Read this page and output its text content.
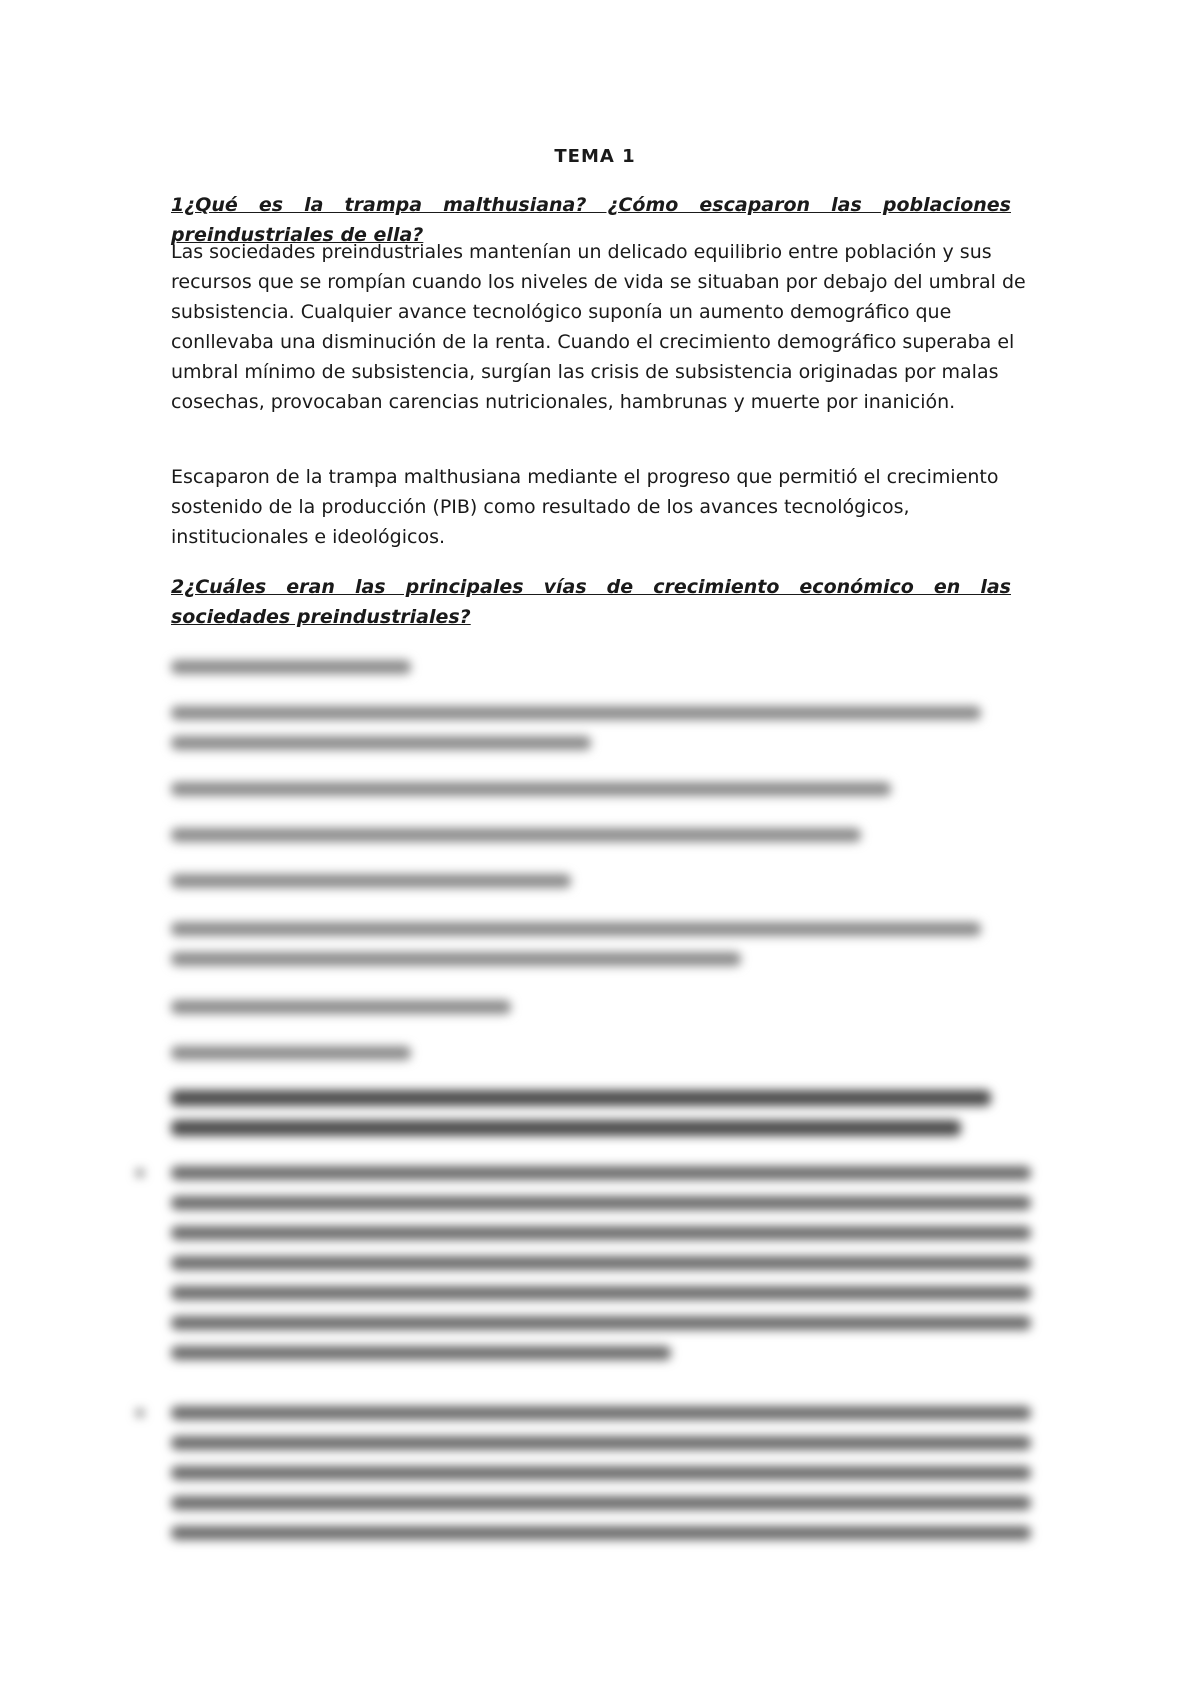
TEMA 1
1¿Qué es la trampa malthusiana? ¿Cómo escaparon las poblaciones preindustriales de ella?
Las sociedades preindustriales mantenían un delicado equilibrio entre población y sus recursos que se rompían cuando los niveles de vida se situaban por debajo del umbral de subsistencia. Cualquier avance tecnológico suponía un aumento demográfico que conllevaba una disminución de la renta. Cuando el crecimiento demográfico superaba el umbral mínimo de subsistencia, surgían las crisis de subsistencia originadas por malas cosechas, provocaban carencias nutricionales, hambrunas y muerte por inanición.
Escaparon de la trampa malthusiana mediante el progreso que permitió el crecimiento sostenido de la producción (PIB) como resultado de los avances tecnológicos, institucionales e ideológicos.
2¿Cuáles eran las principales vías de crecimiento económico en las sociedades preindustriales?
